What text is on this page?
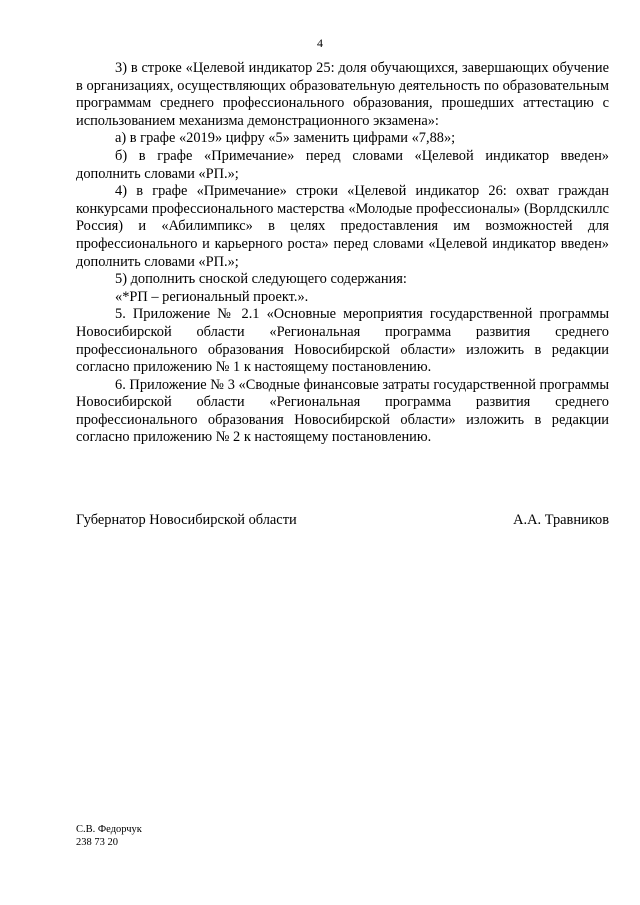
4

3) в строке «Целевой индикатор 25: доля обучающихся, завершающих обучение в организациях, осуществляющих образовательную деятельность по образовательным программам среднего профессионального образования, прошедших аттестацию с использованием механизма демонстрационного экзамена»:

а) в графе «2019» цифру «5» заменить цифрами «7,88»;

б) в графе «Примечание» перед словами «Целевой индикатор введен» дополнить словами «РП.»;

4) в графе «Примечание» строки «Целевой индикатор 26: охват граждан конкурсами профессионального мастерства «Молодые профессионалы» (Ворлдскиллс Россия) и «Абилимпикс» в целях предоставления им возможностей для профессионального и карьерного роста» перед словами «Целевой индикатор введен» дополнить словами «РП.»;

5) дополнить сноской следующего содержания:

«*РП – региональный проект.».

5. Приложение № 2.1 «Основные мероприятия государственной программы Новосибирской области «Региональная программа развития среднего профессионального образования Новосибирской области» изложить в редакции согласно приложению № 1 к настоящему постановлению.

6. Приложение № 3 «Сводные финансовые затраты государственной программы Новосибирской области «Региональная программа развития среднего профессионального образования Новосибирской области» изложить в редакции согласно приложению № 2 к настоящему постановлению.

Губернатор Новосибирской области	А.А. Травников
С.В. Федорчук
238 73 20
